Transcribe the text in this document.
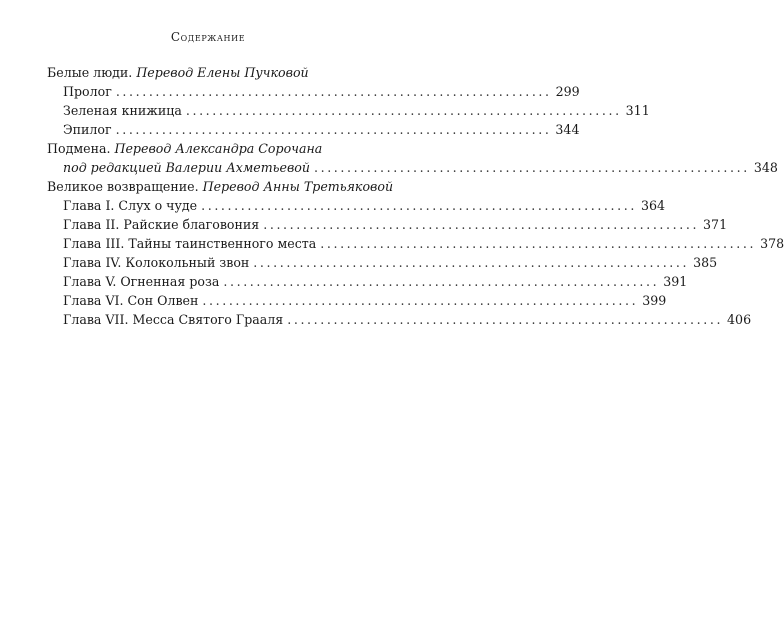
Содержание
Белые люди. Перевод Елены Пучковой
Пролог .................................................................. 299
Зеленая книжица .................................................................. 311
Эпилог .................................................................. 344
Подмена. Перевод Александра Сорочана
под редакцией Валерии Ахметьевой .................................................................. 348
Великое возвращение. Перевод Анны Третьяковой
Глава I. Слух о чуде .................................................................. 364
Глава II. Райские благовония .................................................................. 371
Глава III. Тайны таинственного места .................................................................. 378
Глава IV. Колокольный звон .................................................................. 385
Глава V. Огненная роза .................................................................. 391
Глава VI. Сон Олвен .................................................................. 399
Глава VII. Месса Святого Грааля .................................................................. 406
